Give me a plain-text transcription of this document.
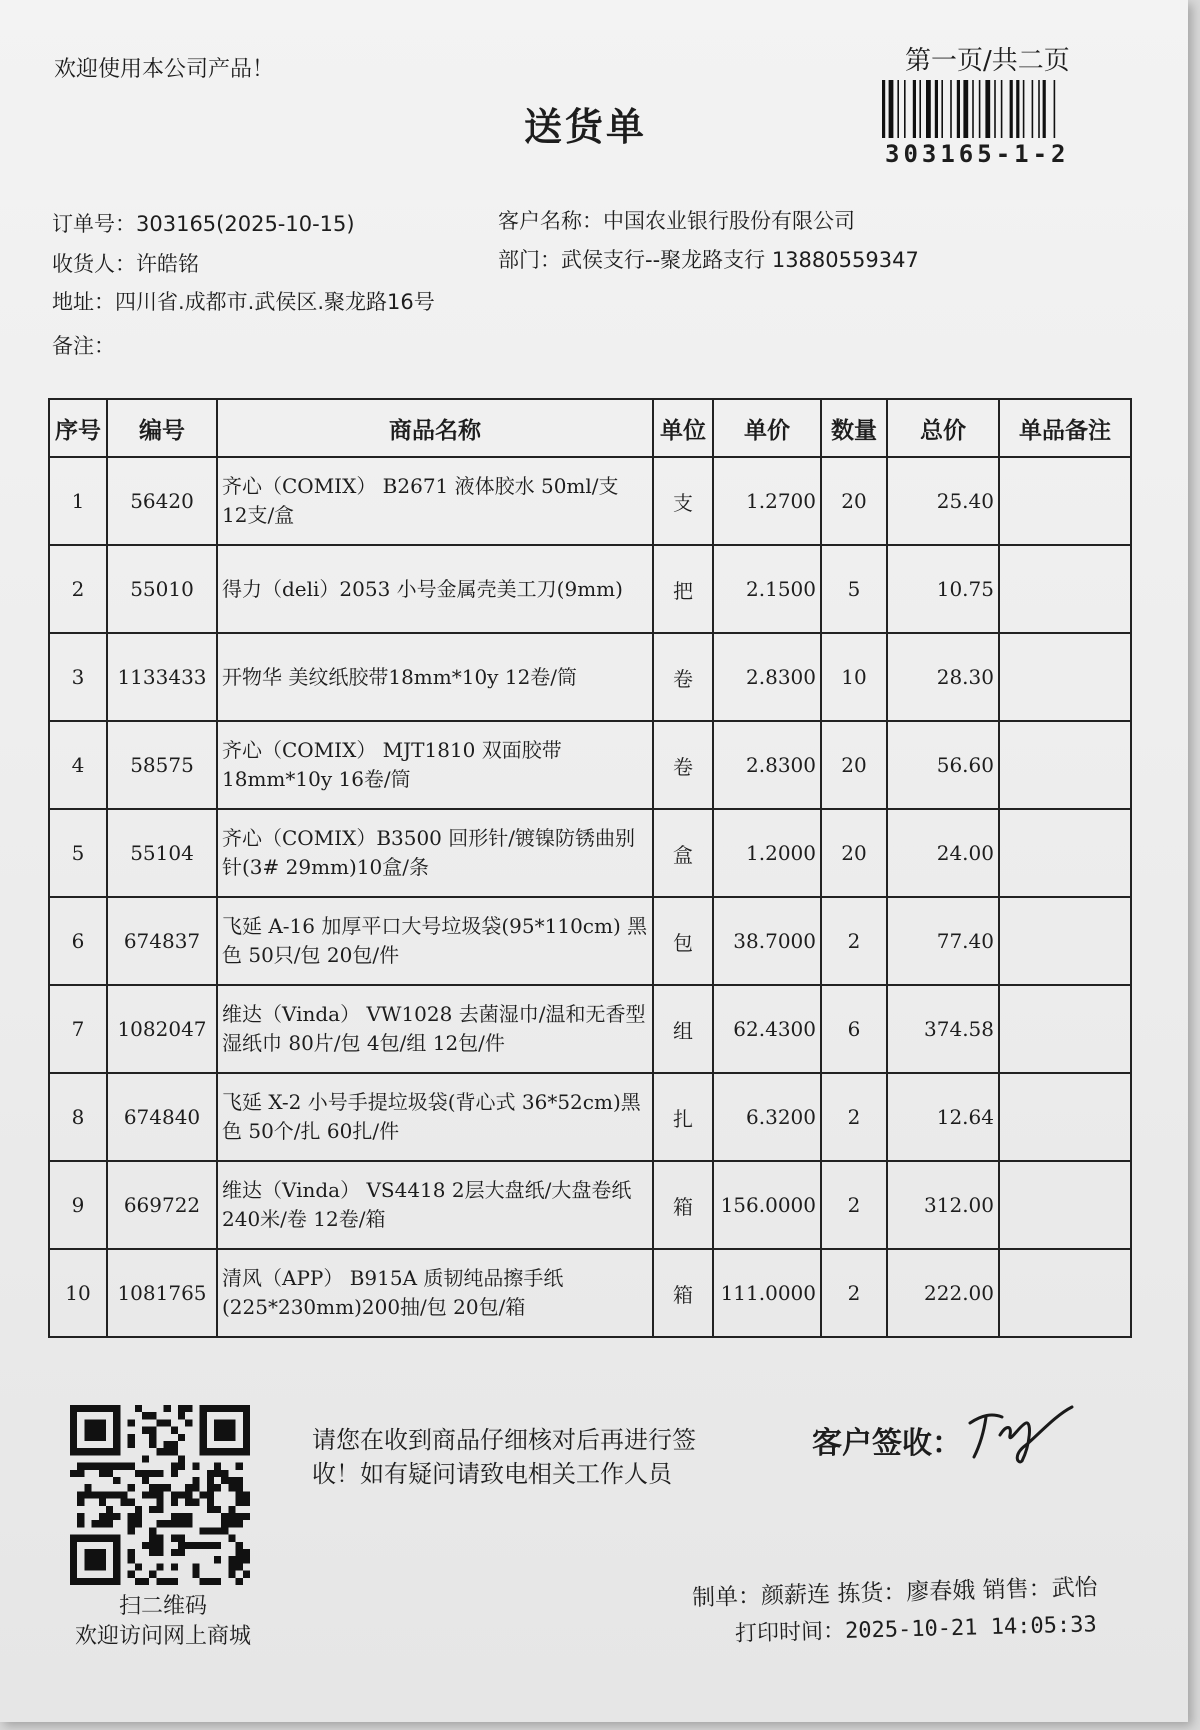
欢迎使用本公司产品！	第一页/共二页
送货单
303165-1-2
订单号：303165(2025-10-15)
收货人：许皓铭
地址：四川省.成都市.武侯区.聚龙路16号
备注：
客户名称：中国农业银行股份有限公司
部门：武侯支行--聚龙路支行 13880559347
序号	编号	商品名称	单位	单价	数量	总价	单品备注
1	56420	齐心（COMIX） B2671 液体胶水 50ml/支 12支/盒	支	1.2700	20	25.40	
2	55010	得力（deli）2053 小号金属壳美工刀(9mm)	把	2.1500	5	10.75	
3	1133433	开物华 美纹纸胶带18mm*10y 12卷/筒	卷	2.8300	10	28.30	
4	58575	齐心（COMIX） MJT1810 双面胶带 18mm*10y 16卷/筒	卷	2.8300	20	56.60	
5	55104	齐心（COMIX）B3500 回形针/镀镍防锈曲别针(3# 29mm)10盒/条	盒	1.2000	20	24.00	
6	674837	飞延 A-16 加厚平口大号垃圾袋(95*110cm) 黑色 50只/包 20包/件	包	38.7000	2	77.40	
7	1082047	维达（Vinda） VW1028 去菌湿巾/温和无香型湿纸巾 80片/包 4包/组 12包/件	组	62.4300	6	374.58	
8	674840	飞延 X-2 小号手提垃圾袋(背心式 36*52cm)黑色 50个/扎 60扎/件	扎	6.3200	2	12.64	
9	669722	维达（Vinda） VS4418 2层大盘纸/大盘卷纸 240米/卷 12卷/箱	箱	156.0000	2	312.00	
10	1081765	清风（APP） B915A 质韧纯品擦手纸 (225*230mm)200抽/包 20包/箱	箱	111.0000	2	222.00	
扫二维码
欢迎访问网上商城
请您在收到商品仔细核对后再进行签收！如有疑问请致电相关工作人员
客户签收：
制单：颜薪连 拣货：廖春娥 销售：武怡
打印时间：2025-10-21 14:05:33
